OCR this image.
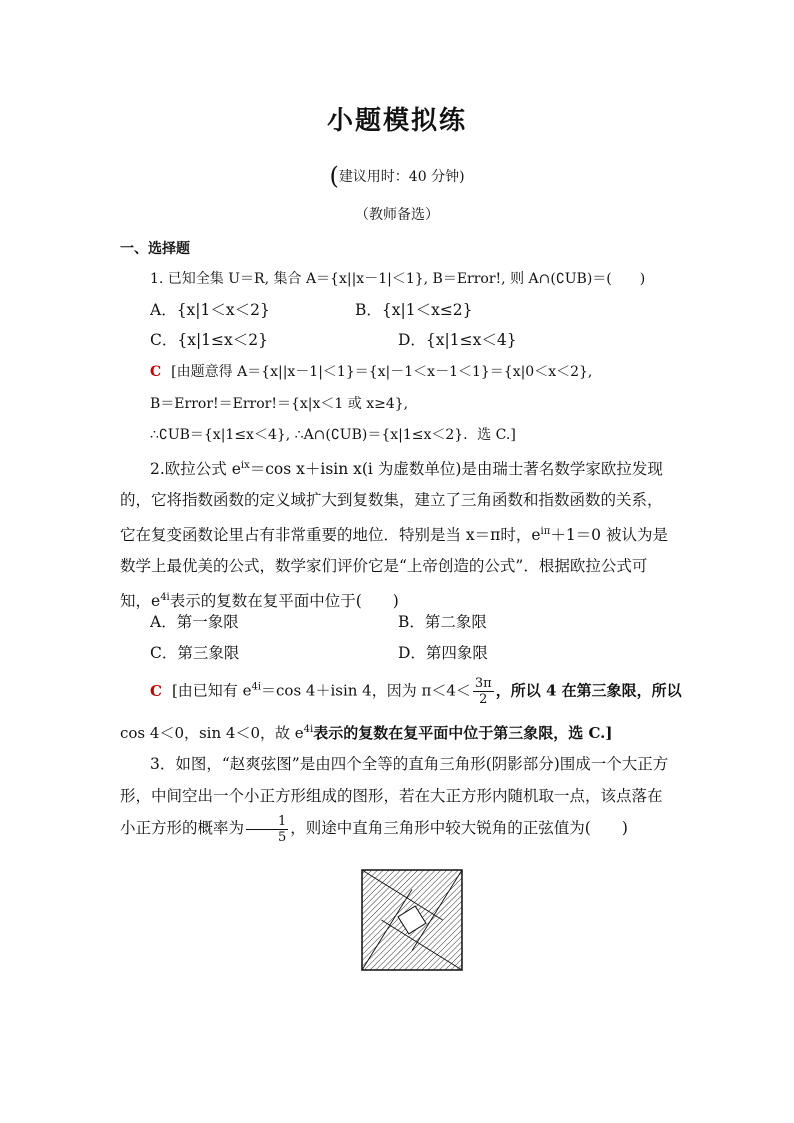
小题模拟练
(建议用时：40 分钟)
（教师备选）
一、选择题
1. 已知全集 U＝R, 集合 A＝{x||x－1|＜1}, B＝Error!, 则 A∩(∁UB)＝(　　)
A．{x|1＜x＜2}	B．{x|1＜x≤2}
C．{x|1≤x＜2}	D．{x|1≤x＜4}
C [由题意得 A＝{x||x－1|＜1}＝{x|－1＜x－1＜1}＝{x|0＜x＜2},
B＝Error!＝Error!＝{x|x＜1 或 x≥4},
∴∁UB＝{x|1≤x＜4}, ∴A∩(∁UB)＝{x|1≤x＜2}．选 C.]
2.欧拉公式 $e^{ix}=\cos$ x＋isin x(i 为虚数单位)是由瑞士著名数学家欧拉发现的，它将指数函数的定义域扩大到复数集，建立了三角函数和指数函数的关系，它在复变函数论里占有非常重要的地位．特别是当 x＝π时，$e^{i\pi}+1=0$ 被认为是数学上最优美的公式，数学家们评价它是“上帝创造的公式”．根据欧拉公式可知，$e^{4i}$表示的复数在复平面中位于(　　)
A．第一象限	B．第二象限
C．第三象限	D．第四象限
C [由已知有 $e^{4i}=\cos$ 4＋isin 4，因为 $\pi<4< \frac{3\pi}{2}$ ，所以 4 在第三象限，所以
cos 4＜0，sin 4＜0，故 $e^{4i}$表示的复数在复平面中位于第三象限，选 C.]
3．如图，“赵爽弦图”是由四个全等的直角三角形(阴影部分)围成一个大正方形，中间空出一个小正方形组成的图形，若在大正方形内随机取一点，该点落在小正方形的概率为 $\frac{1}{5}$ ，则途中直角三角形中较大锐角的正弦值为(　　)
